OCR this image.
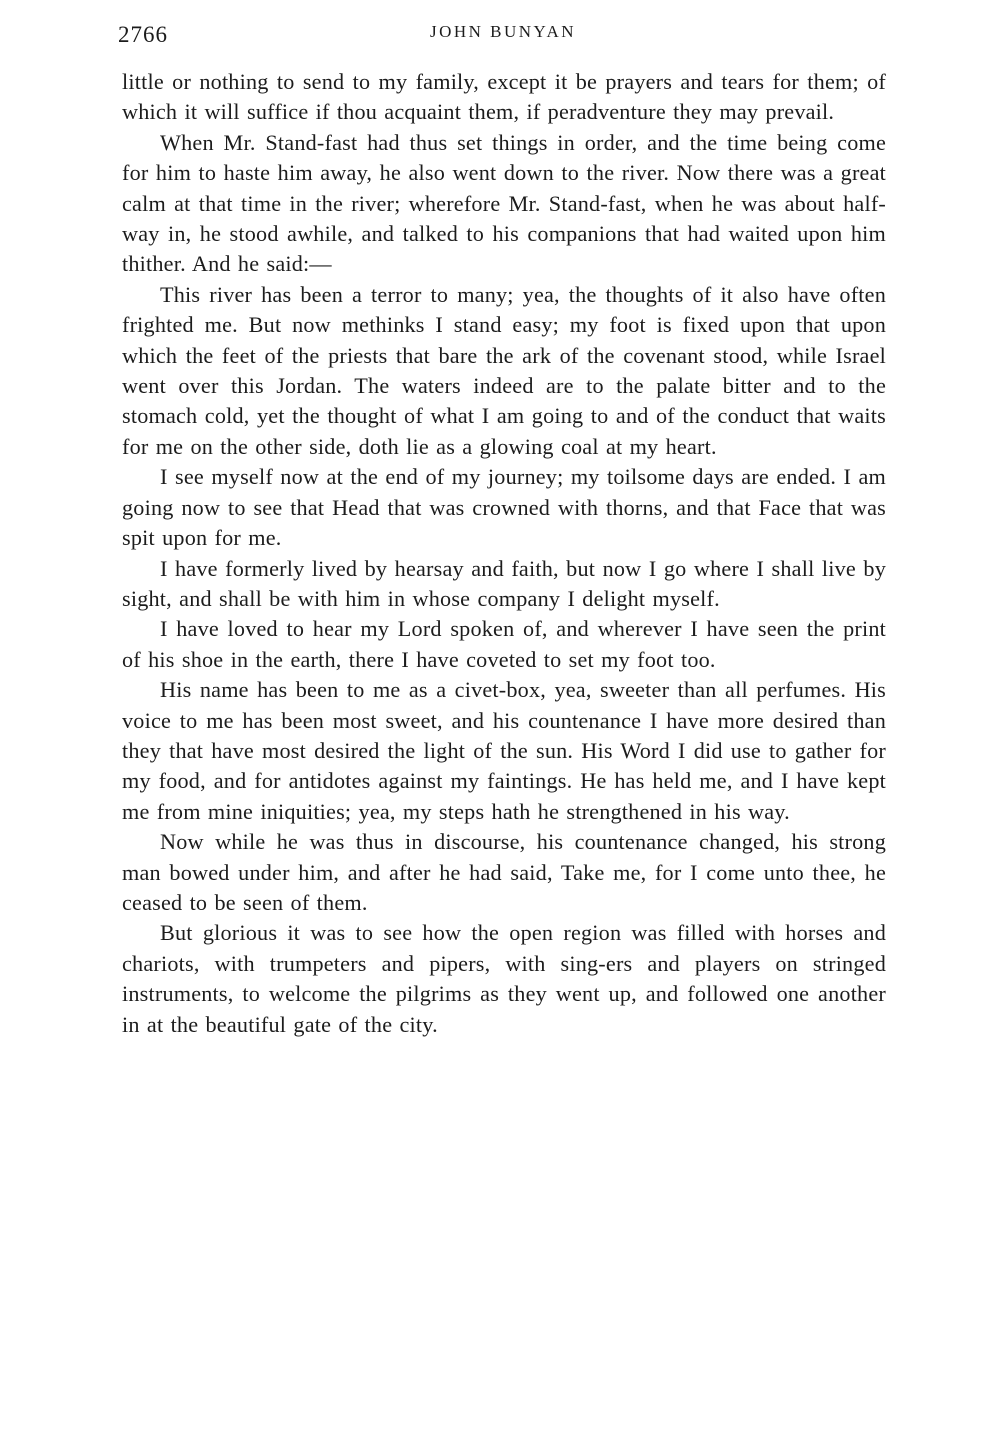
2766	JOHN BUNYAN

little or nothing to send to my family, except it be prayers and tears for them; of which it will suffice if thou acquaint them, if peradventure they may prevail.

When Mr. Stand-fast had thus set things in order, and the time being come for him to haste him away, he also went down to the river. Now there was a great calm at that time in the river; wherefore Mr. Stand-fast, when he was about half-way in, he stood awhile, and talked to his companions that had waited upon him thither. And he said:—

This river has been a terror to many; yea, the thoughts of it also have often frighted me. But now methinks I stand easy; my foot is fixed upon that upon which the feet of the priests that bare the ark of the covenant stood, while Israel went over this Jordan. The waters indeed are to the palate bitter and to the stomach cold, yet the thought of what I am going to and of the conduct that waits for me on the other side, doth lie as a glowing coal at my heart.

I see myself now at the end of my journey; my toilsome days are ended. I am going now to see that Head that was crowned with thorns, and that Face that was spit upon for me.

I have formerly lived by hearsay and faith, but now I go where I shall live by sight, and shall be with him in whose company I delight myself.

I have loved to hear my Lord spoken of, and wherever I have seen the print of his shoe in the earth, there I have coveted to set my foot too.

His name has been to me as a civet-box, yea, sweeter than all perfumes. His voice to me has been most sweet, and his countenance I have more desired than they that have most desired the light of the sun. His Word I did use to gather for my food, and for antidotes against my faintings. He has held me, and I have kept me from mine iniquities; yea, my steps hath he strengthened in his way.

Now while he was thus in discourse, his countenance changed, his strong man bowed under him, and after he had said, Take me, for I come unto thee, he ceased to be seen of them.

But glorious it was to see how the open region was filled with horses and chariots, with trumpeters and pipers, with sing-ers and players on stringed instruments, to welcome the pilgrims as they went up, and followed one another in at the beautiful gate of the city.
